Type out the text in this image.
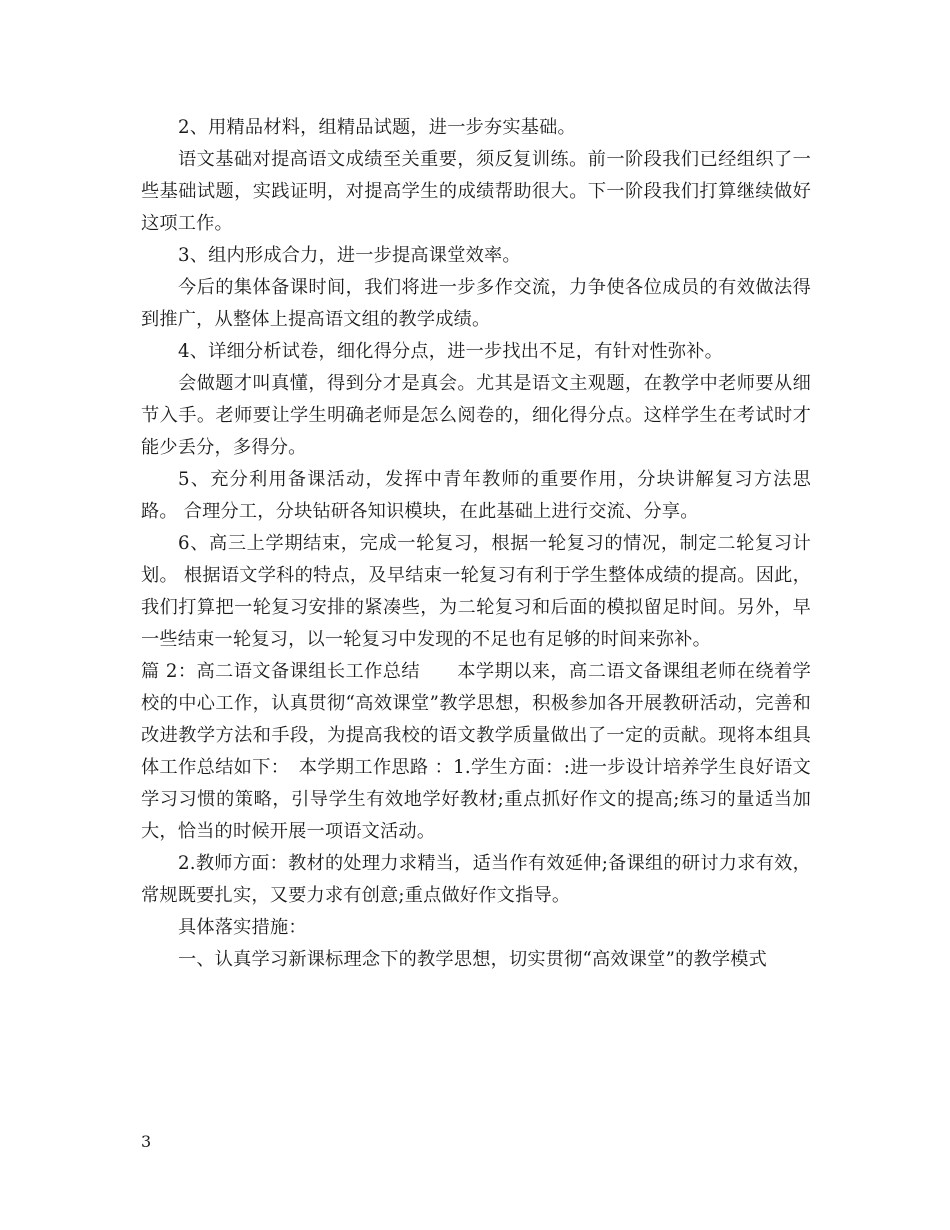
2、用精品材料，组精品试题，进一步夯实基础。

语文基础对提高语文成绩至关重要，须反复训练。前一阶段我们已经组织了一些基础试题，实践证明，对提高学生的成绩帮助很大。下一阶段我们打算继续做好这项工作。

3、组内形成合力，进一步提高课堂效率。

今后的集体备课时间，我们将进一步多作交流，力争使各位成员的有效做法得到推广，从整体上提高语文组的教学成绩。

4、详细分析试卷，细化得分点，进一步找出不足，有针对性弥补。

会做题才叫真懂，得到分才是真会。尤其是语文主观题，在教学中老师要从细节入手。老师要让学生明确老师是怎么阅卷的，细化得分点。这样学生在考试时才能少丢分，多得分。

5、充分利用备课活动，发挥中青年教师的重要作用，分块讲解复习方法思路。 合理分工，分块钻研各知识模块，在此基础上进行交流、分享。

6、高三上学期结束，完成一轮复习，根据一轮复习的情况，制定二轮复习计划。 根据语文学科的特点，及早结束一轮复习有利于学生整体成绩的提高。因此，我们打算把一轮复习安排的紧凑些，为二轮复习和后面的模拟留足时间。另外，早一些结束一轮复习，以一轮复习中发现的不足也有足够的时间来弥补。

篇 2：高二语文备课组长工作总结　　本学期以来，高二语文备课组老师在绕着学校的中心工作，认真贯彻“高效课堂”教学思想，积极参加各开展教研活动，完善和改进教学方法和手段，为提高我校的语文教学质量做出了一定的贡献。现将本组具体工作总结如下：　本学期工作思路 ：1.学生方面：:进一步设计培养学生良好语文学习习惯的策略，引导学生有效地学好教材;重点抓好作文的提高;练习的量适当加大，恰当的时候开展一项语文活动。

2.教师方面：教材的处理力求精当，适当作有效延伸;备课组的研讨力求有效，常规既要扎实，又要力求有创意;重点做好作文指导。

具体落实措施：

一、认真学习新课标理念下的教学思想，切实贯彻“高效课堂”的教学模式

3
